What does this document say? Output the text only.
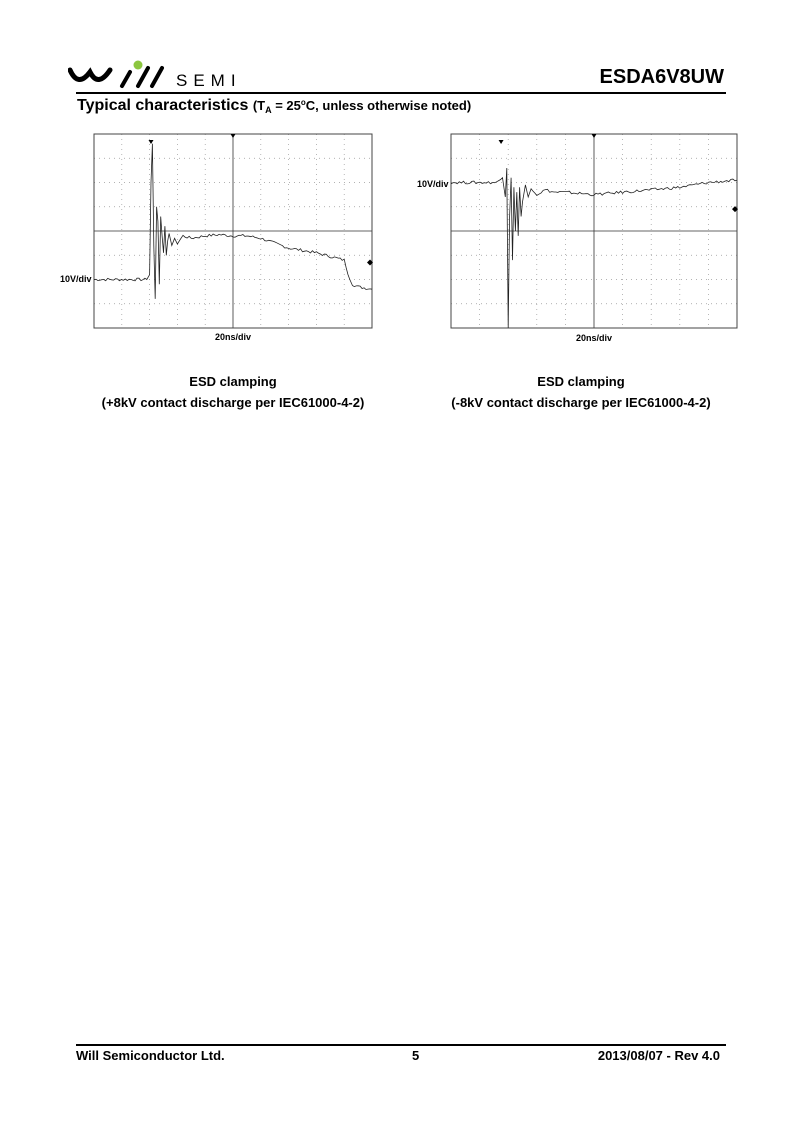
SEMI	ESDA6V8UW
Typical characteristics ($T_A = 25^oC$, unless otherwise noted)
10V/div
20ns/div
ESD clamping
(+8kV contact discharge per IEC61000-4-2)
10V/div
20ns/div
ESD clamping
(-8kV contact discharge per IEC61000-4-2)
Will Semiconductor Ltd.	5	2013/08/07 - Rev 4.0
